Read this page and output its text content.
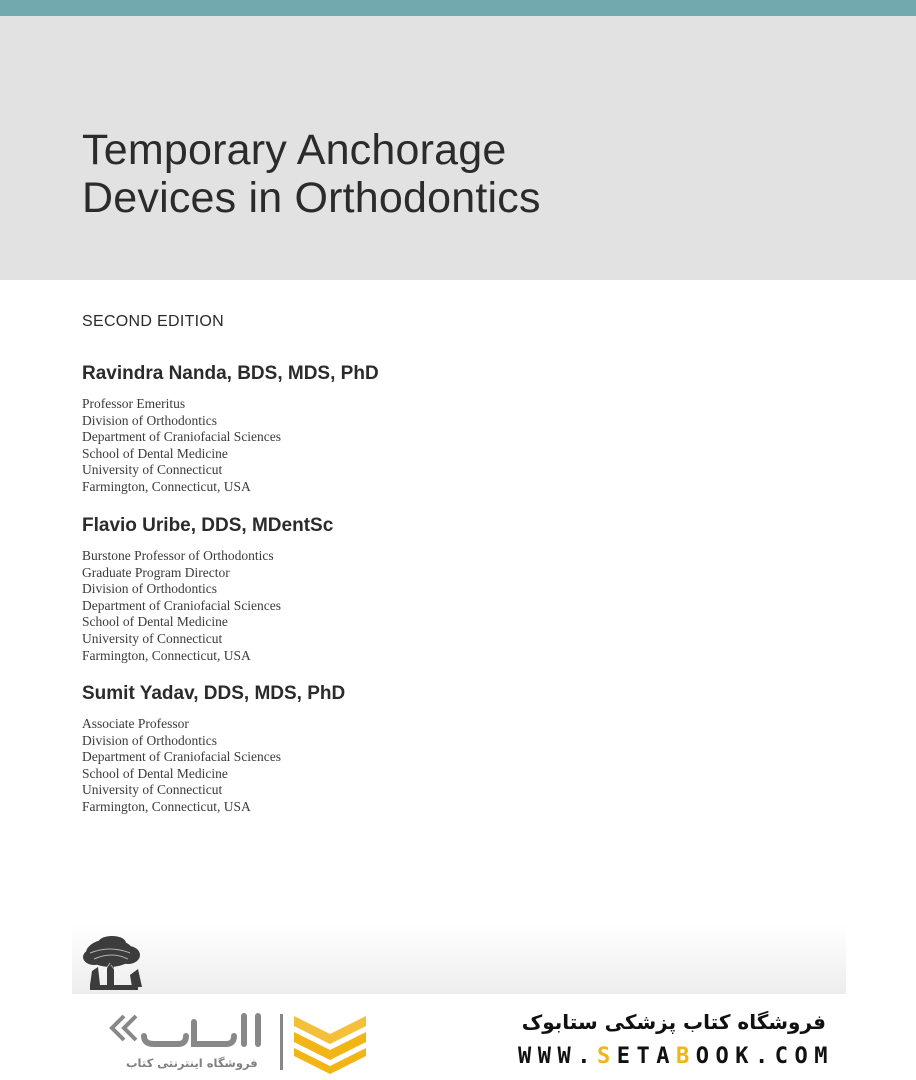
Temporary Anchorage
Devices in Orthodontics
SECOND EDITION
Ravindra Nanda, BDS, MDS, PhD
Professor Emeritus
Division of Orthodontics
Department of Craniofacial Sciences
School of Dental Medicine
University of Connecticut
Farmington, Connecticut, USA
Flavio Uribe, DDS, MDentSc
Burstone Professor of Orthodontics
Graduate Program Director
Division of Orthodontics
Department of Craniofacial Sciences
School of Dental Medicine
University of Connecticut
Farmington, Connecticut, USA
Sumit Yadav, DDS, MDS, PhD
Associate Professor
Division of Orthodontics
Department of Craniofacial Sciences
School of Dental Medicine
University of Connecticut
Farmington, Connecticut, USA
فروشگاه اینترنتی کتاب
فروشگاه کتاب پزشکی ستابوک
WWW.SETABOOK.COM
